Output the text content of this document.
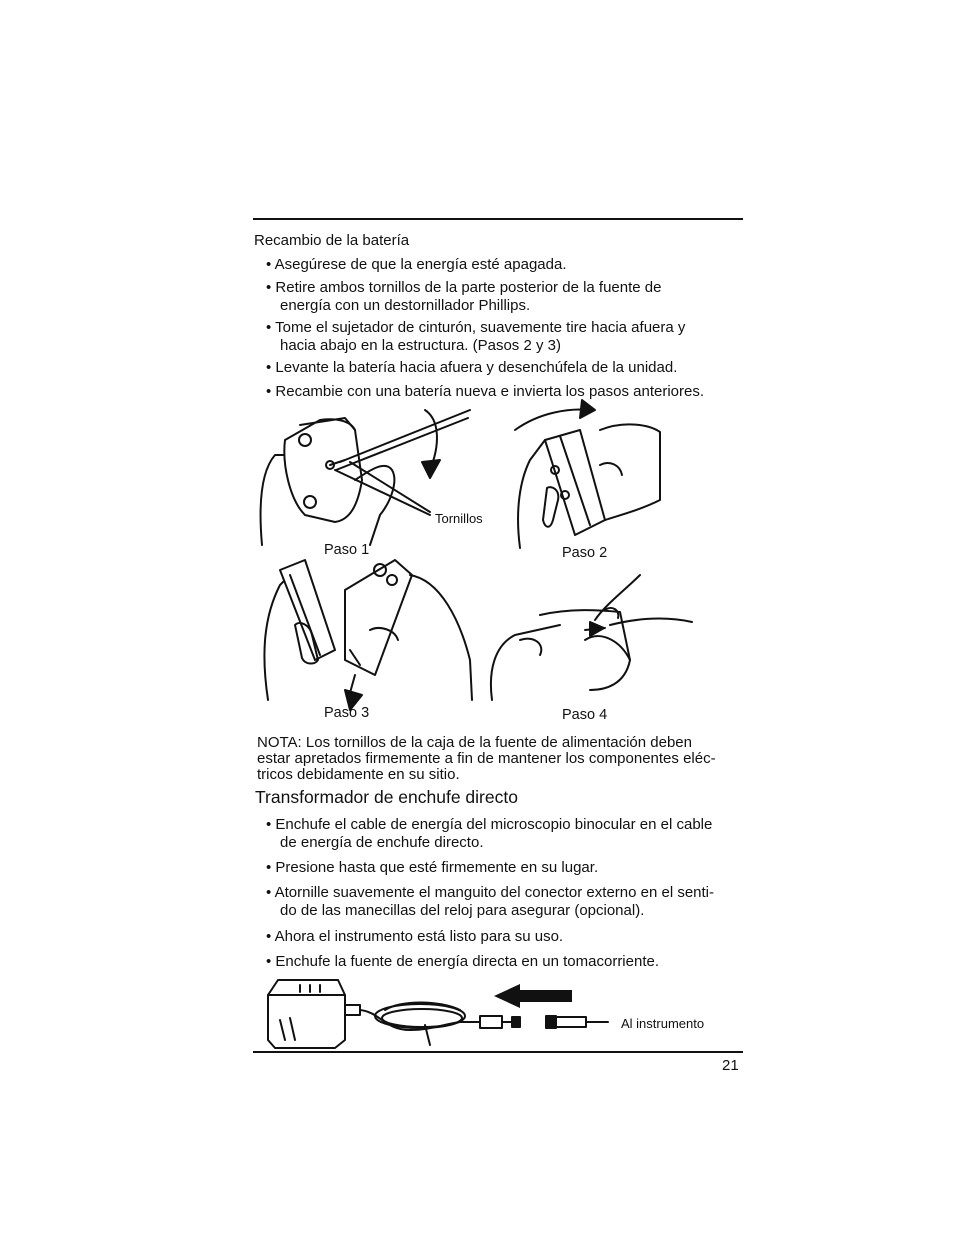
Recambio de la batería
• Asegúrese de que la energía esté apagada.
• Retire ambos tornillos de la parte posterior de la fuente de
energía con un destornillador Phillips.
• Tome el sujetador de cinturón, suavemente tire hacia afuera y
hacia abajo en la estructura. (Pasos 2 y 3)
• Levante la batería hacia afuera y desenchúfela de la unidad.
• Recambie con una batería nueva e invierta los pasos anteriores.
Tornillos
Paso 1	Paso 2
Paso 3	Paso 4
NOTA: Los tornillos de la caja de la fuente de alimentación deben
estar apretados firmemente a fin de mantener los componentes eléc-
tricos debidamente en su sitio.
Transformador de enchufe directo
• Enchufe el cable de energía del microscopio binocular en el cable
de energía de enchufe directo.
• Presione hasta que esté firmemente en su lugar.
• Atornille suavemente el manguito del conector externo en el senti-
do de las manecillas del reloj para asegurar (opcional).
• Ahora el instrumento está listo para su uso.
• Enchufe la fuente de energía directa en un tomacorriente.
Al instrumento
21
